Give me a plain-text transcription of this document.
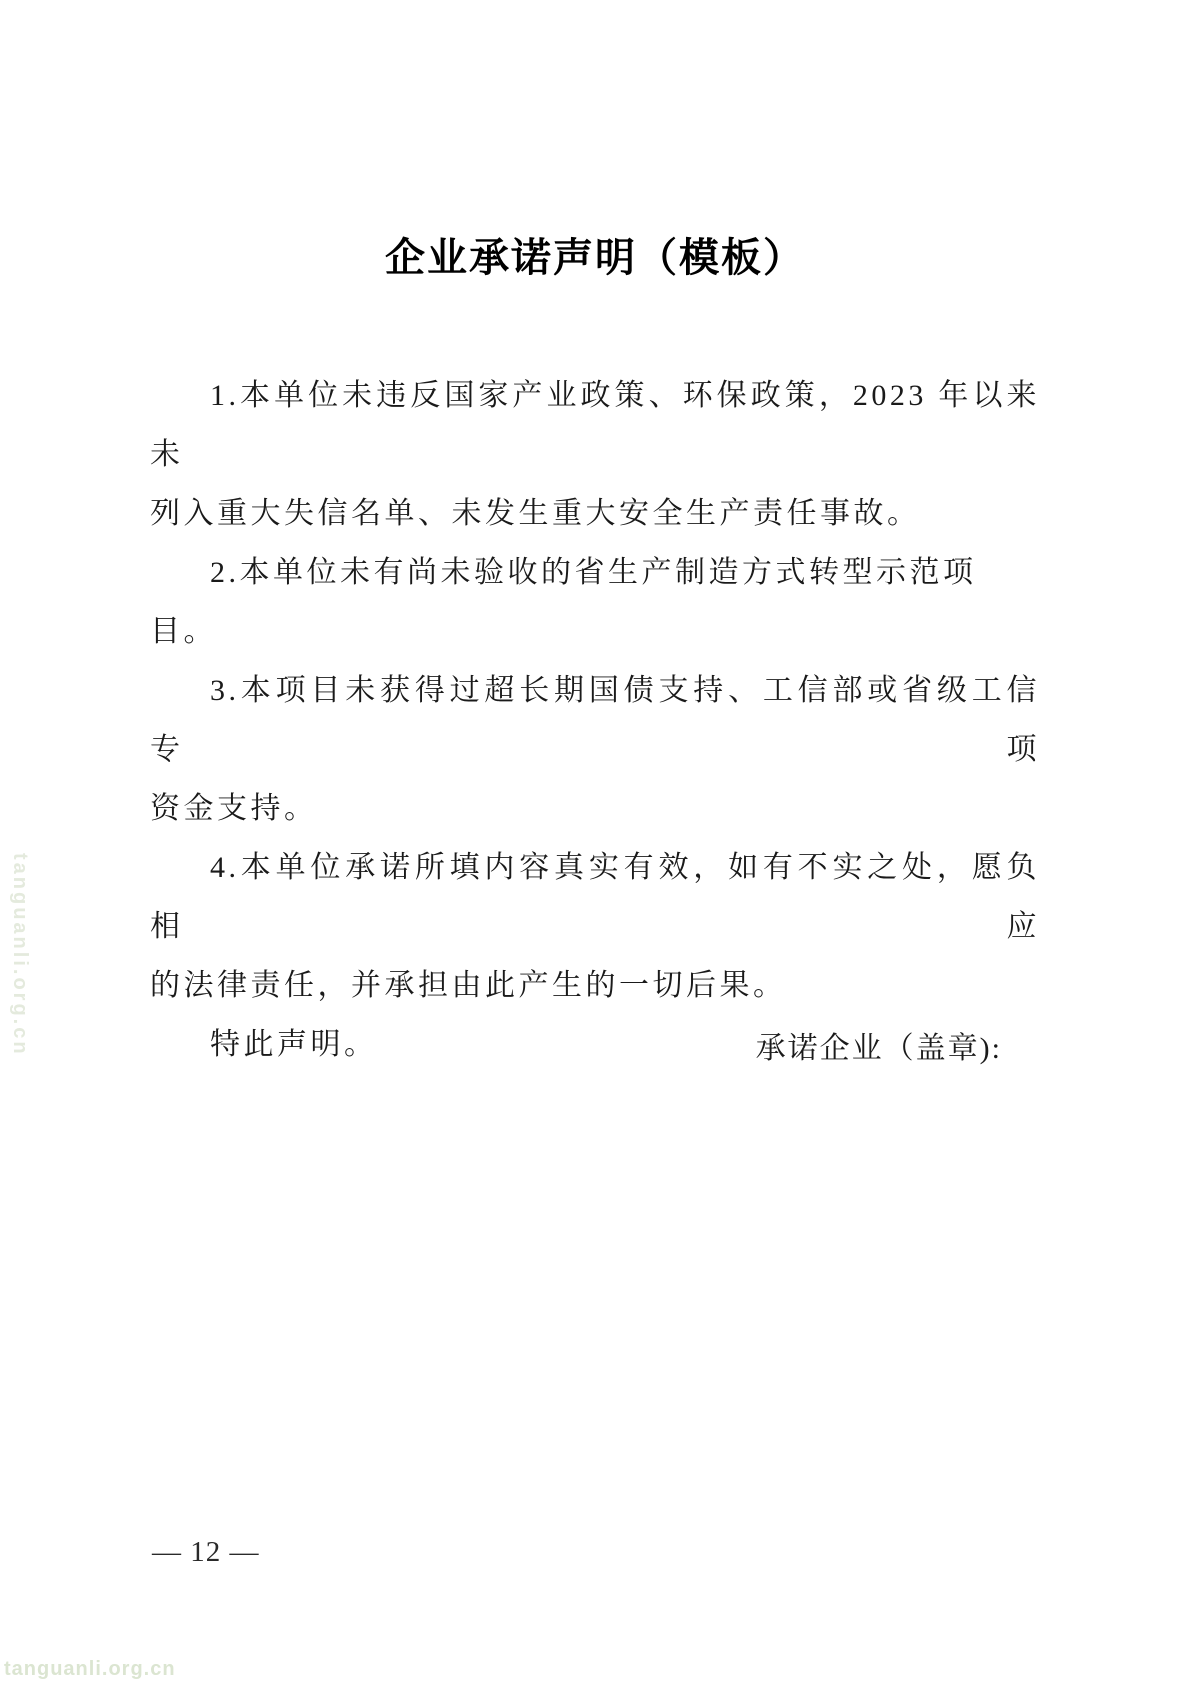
tanguanli.org.cn
企业承诺声明（模板）
1.本单位未违反国家产业政策、环保政策，2023 年以来未
列入重大失信名单、未发生重大安全生产责任事故。
2.本单位未有尚未验收的省生产制造方式转型示范项目。
3.本项目未获得过超长期国债支持、工信部或省级工信专项
资金支持。
4.本单位承诺所填内容真实有效，如有不实之处，愿负相应
的法律责任，并承担由此产生的一切后果。
特此声明。	承诺企业（盖章):
— 12 —
tanguanli.org.cn
